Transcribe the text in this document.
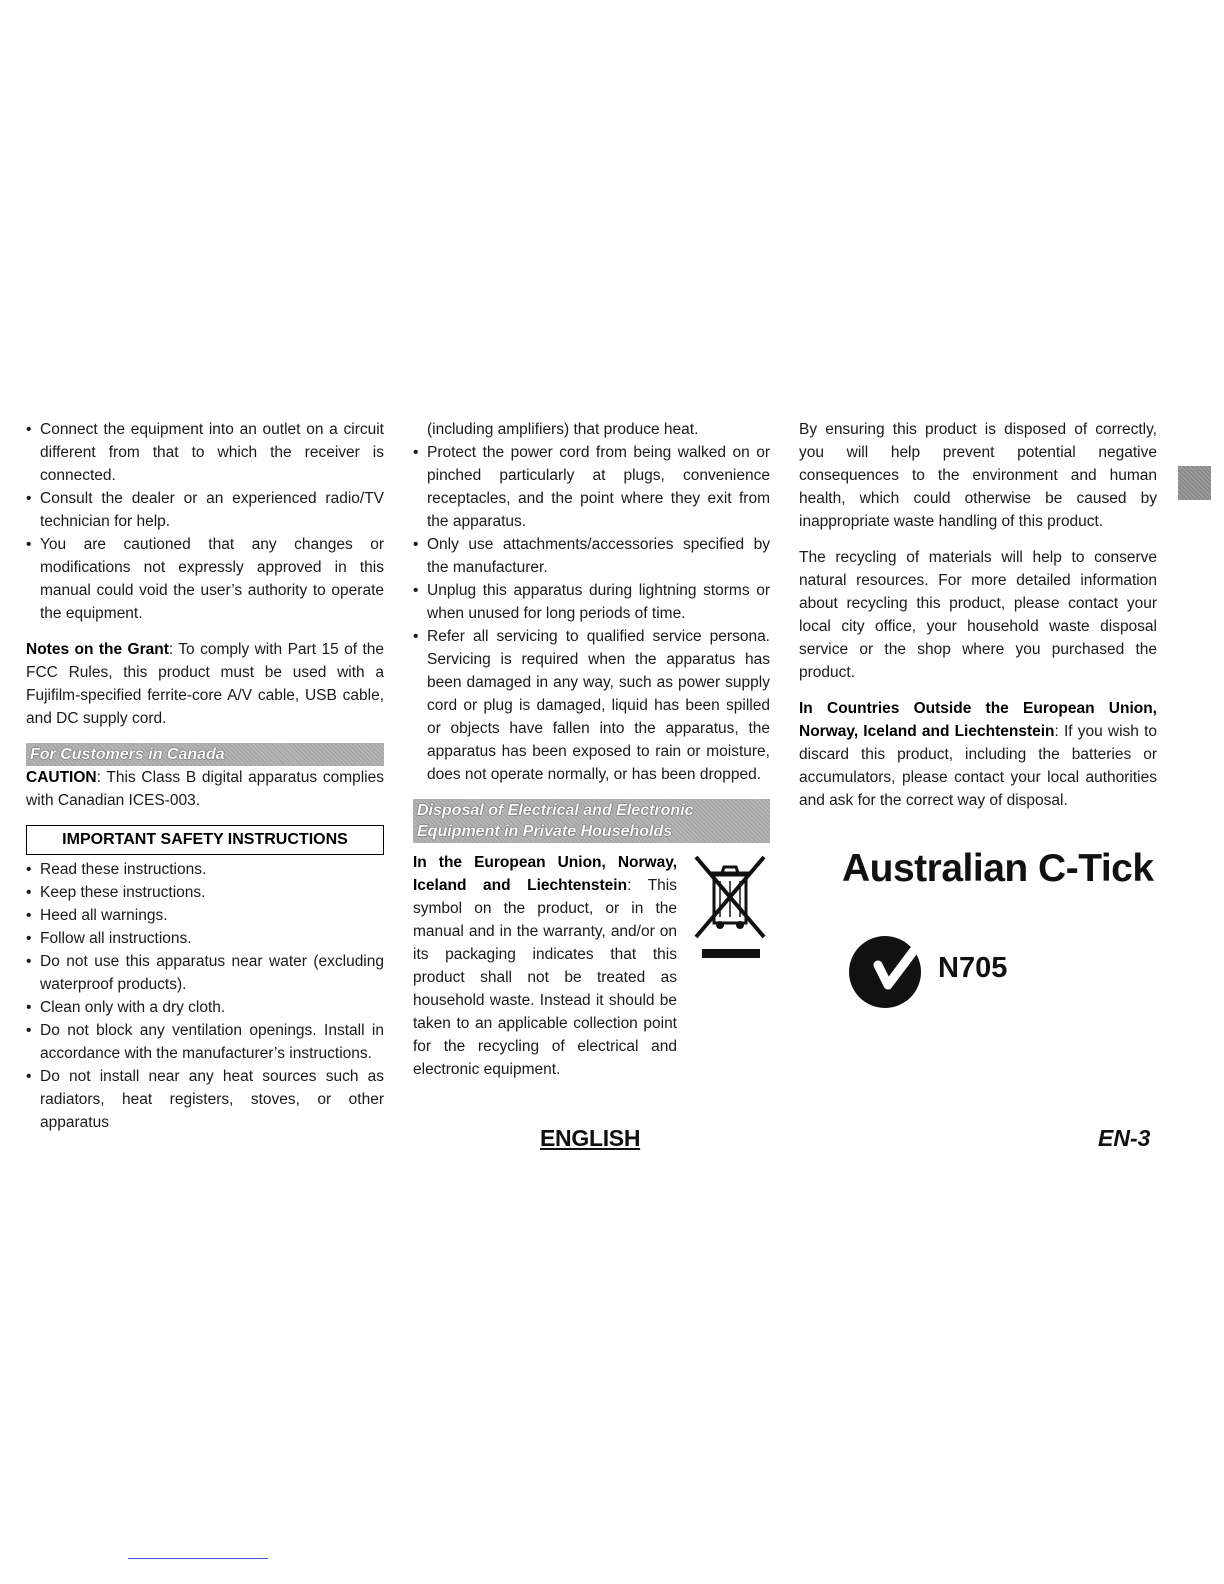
• Connect the equipment into an outlet on a circuit different from that to which the receiver is connected.
• Consult the dealer or an experienced radio/TV technician for help.
• You are cautioned that any changes or modifications not expressly approved in this manual could void the user’s authority to operate the equipment.

Notes on the Grant: To comply with Part 15 of the FCC Rules, this product must be used with a Fujifilm-specified ferrite-core A/V cable, USB cable, and DC supply cord.

For Customers in Canada

CAUTION: This Class B digital apparatus complies with Canadian ICES-003.

IMPORTANT SAFETY INSTRUCTIONS
• Read these instructions.
• Keep these instructions.
• Heed all warnings.
• Follow all instructions.
• Do not use this apparatus near water (excluding waterproof products).
• Clean only with a dry cloth.
• Do not block any ventilation openings. Install in accordance with the manufacturer’s instructions.
• Do not install near any heat sources such as radiators, heat registers, stoves, or other apparatus

(including amplifiers) that produce heat.

• Protect the power cord from being walked on or pinched particularly at plugs, convenience receptacles, and the point where they exit from the apparatus.
• Only use attachments/accessories specified by the manufacturer.
• Unplug this apparatus during lightning storms or when unused for long periods of time.
• Refer all servicing to qualified service persona. Servicing is required when the apparatus has been damaged in any way, such as power supply cord or plug is damaged, liquid has been spilled or objects have fallen into the apparatus, the apparatus has been exposed to rain or moisture, does not operate normally, or has been dropped.
Disposal of Electrical and Electronic Equipment in Private Households

In the European Union, Norway, Iceland and Liechtenstein: This symbol on the product, or in the manual and in the warranty, and/or on its packaging indicates that this product shall not be treated as household waste. Instead it should be taken to an applicable collection point for the recycling of electrical and electronic equipment.

By ensuring this product is disposed of correctly, you will help prevent potential negative consequences to the environment and human health, which could otherwise be caused by inappropriate waste handling of this product.

The recycling of materials will help to conserve natural resources. For more detailed information about recycling this product, please contact your local city office, your household waste disposal service or the shop where you purchased the product.

In Countries Outside the European Union, Norway, Iceland and Liechtenstein: If you wish to discard this product, including the batteries or accumulators, please contact your local authorities and ask for the correct way of disposal.

Australian C-Tick
N705
ENGLISH	EN-3
